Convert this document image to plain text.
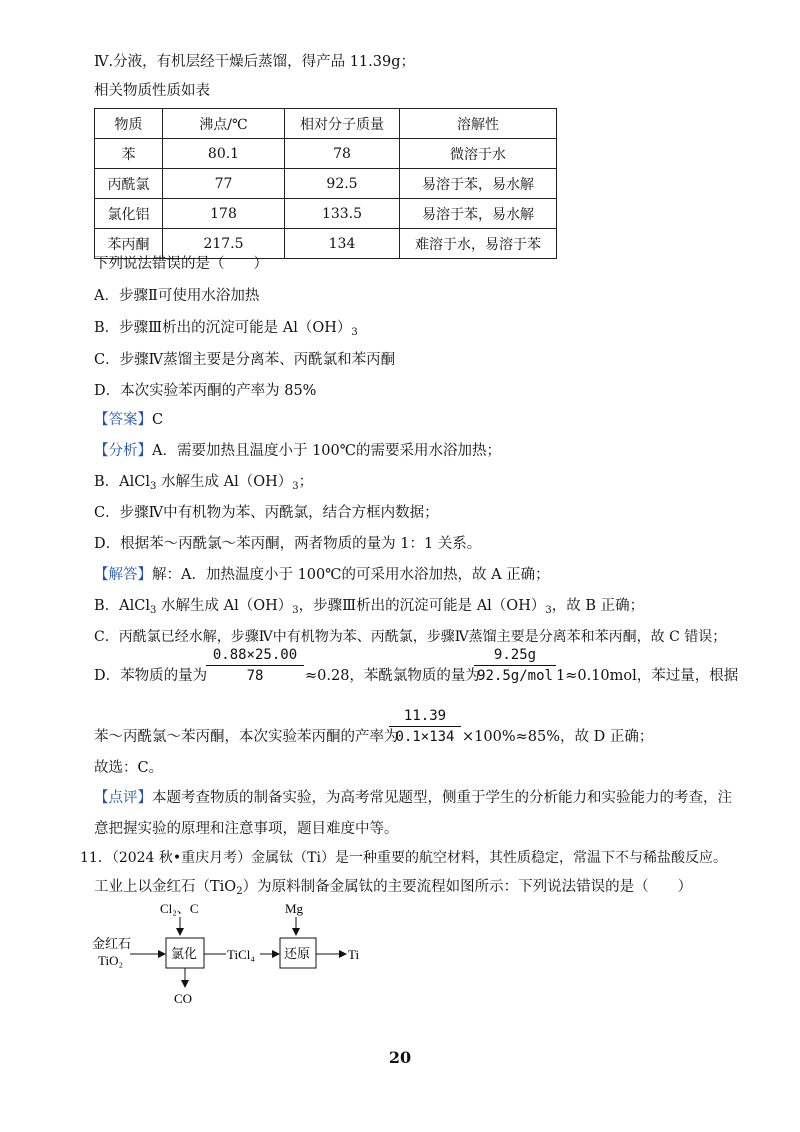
Ⅳ.分液，有机层经干燥后蒸馏，得产品 11.39g；
相关物质性质如表
物质	沸点/℃	相对分子质量	溶解性
苯	80.1	78	微溶于水
丙酰氯	77	92.5	易溶于苯，易水解
氯化铝	178	133.5	易溶于苯，易水解
苯丙酮	217.5	134	难溶于水，易溶于苯
下列说法错误的是（　　）
A．步骤Ⅱ可使用水浴加热
B．步骤Ⅲ析出的沉淀可能是 $Al(OH)_3$
C．步骤Ⅳ蒸馏主要是分离苯、丙酰氯和苯丙酮
D．本次实验苯丙酮的产率为 85%
【答案】C
【分析】A．需要加热且温度小于 100℃的需要采用水浴加热；
B．AlCl$_3$ 水解生成 $Al(OH)_3$；
C．步骤Ⅳ中有机物为苯、丙酰氯，结合方框内数据；
D．根据苯～丙酰氯～苯丙酮，两者物质的量为 1：1 关系。
【解答】解：A．加热温度小于 100℃的可采用水浴加热，故 A 正确；
B．AlCl$_3$ 水解生成 $Al(OH)_3$，步骤Ⅲ析出的沉淀可能是 $Al(OH)_3$，故 B 正确；
C．丙酰氯已经水解，步骤Ⅳ中有机物为苯、丙酰氯，步骤Ⅳ蒸馏主要是分离苯和苯丙酮，故 C 错误；
D．苯物质的量为
$\frac{0.88\times 25.00}{78} \approx 0.28$，苯酰氯物质的量为
9.25g
92.5g/mol 1≈0.10mol，苯过量，根据
苯～丙酰氯～苯丙酮，本次实验苯丙酮的产率为
$\frac{11.39}{0.1\times 134} \times 100\%\approx 85\%$，故 D 正确；
故选：C。
【点评】本题考查物质的制备实验，为高考常见题型，侧重于学生的分析能力和实验能力的考查，注
意把握实验的原理和注意事项，题目难度中等。
11．（2024 秋•重庆月考）金属钛（Ti）是一种重要的航空材料，其性质稳定，常温下不与稀盐酸反应。
工业上以金红石（TiO$_2$）为原料制备金属钛的主要流程如图所示：下列说法错误的是（　　）
Cl₂、C	Mg
金红石
TiO₂	氯化 TiCl₄ 还原	Ti
CO
20
